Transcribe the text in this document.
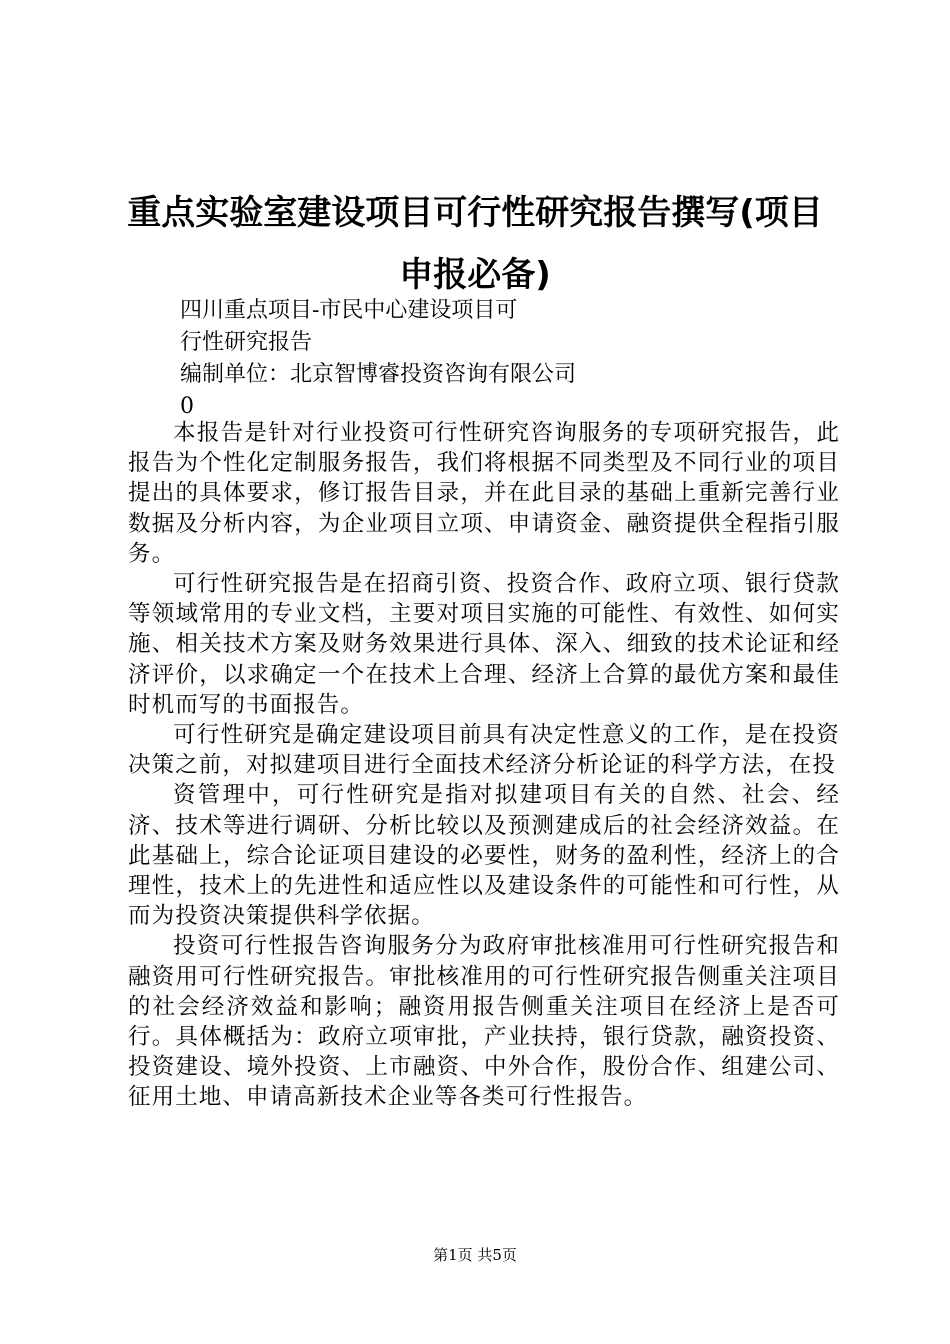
重点实验室建设项目可行性研究报告撰写(项目申报必备)
四川重点项目-市民中心建设项目可
行性研究报告
编制单位：北京智博睿投资咨询有限公司
0

本报告是针对行业投资可行性研究咨询服务的专项研究报告，此报告为个性化定制服务报告，我们将根据不同类型及不同行业的项目提出的具体要求，修订报告目录，并在此目录的基础上重新完善行业数据及分析内容，为企业项目立项、申请资金、融资提供全程指引服务。

可行性研究报告是在招商引资、投资合作、政府立项、银行贷款等领域常用的专业文档，主要对项目实施的可能性、有效性、如何实施、相关技术方案及财务效果进行具体、深入、细致的技术论证和经济评价，以求确定一个在技术上合理、经济上合算的最优方案和最佳时机而写的书面报告。

可行性研究是确定建设项目前具有决定性意义的工作，是在投资决策之前，对拟建项目进行全面技术经济分析论证的科学方法，在投

资管理中，可行性研究是指对拟建项目有关的自然、社会、经济、技术等进行调研、分析比较以及预测建成后的社会经济效益。在此基础上，综合论证项目建设的必要性，财务的盈利性，经济上的合理性，技术上的先进性和适应性以及建设条件的可能性和可行性，从而为投资决策提供科学依据。

投资可行性报告咨询服务分为政府审批核准用可行性研究报告和融资用可行性研究报告。审批核准用的可行性研究报告侧重关注项目的社会经济效益和影响；融资用报告侧重关注项目在经济上是否可行。具体概括为：政府立项审批，产业扶持，银行贷款，融资投资、投资建设、境外投资、上市融资、中外合作，股份合作、组建公司、征用土地、申请高新技术企业等各类可行性报告。

第1页 共5页
